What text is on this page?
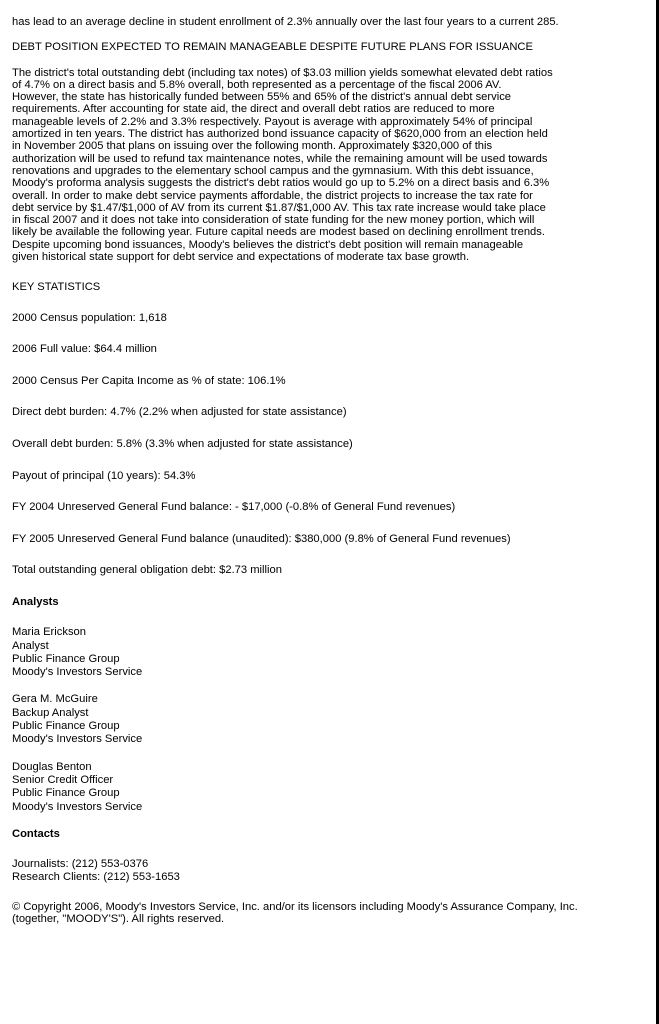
has lead to an average decline in student enrollment of 2.3% annually over the last four years to a current 285.

DEBT POSITION EXPECTED TO REMAIN MANAGEABLE DESPITE FUTURE PLANS FOR ISSUANCE

The district's total outstanding debt (including tax notes) of $3.03 million yields somewhat elevated debt ratios
of 4.7% on a direct basis and 5.8% overall, both represented as a percentage of the fiscal 2006 AV.
However, the state has historically funded between 55% and 65% of the district's annual debt service
requirements. After accounting for state aid, the direct and overall debt ratios are reduced to more
manageable levels of 2.2% and 3.3% respectively. Payout is average with approximately 54% of principal
amortized in ten years. The district has authorized bond issuance capacity of $620,000 from an election held
in November 2005 that plans on issuing over the following month. Approximately $320,000 of this
authorization will be used to refund tax maintenance notes, while the remaining amount will be used towards
renovations and upgrades to the elementary school campus and the gymnasium. With this debt issuance,
Moody's proforma analysis suggests the district's debt ratios would go up to 5.2% on a direct basis and 6.3%
overall. In order to make debt service payments affordable, the district projects to increase the tax rate for
debt service by $1.47/$1,000 of AV from its current $1.87/$1,000 AV. This tax rate increase would take place
in fiscal 2007 and it does not take into consideration of state funding for the new money portion, which will
likely be available the following year. Future capital needs are modest based on declining enrollment trends.
Despite upcoming bond issuances, Moody's believes the district's debt position will remain manageable
given historical state support for debt service and expectations of moderate tax base growth.

KEY STATISTICS

2000 Census population: 1,618

2006 Full value: $64.4 million

2000 Census Per Capita Income as % of state: 106.1%

Direct debt burden: 4.7% (2.2% when adjusted for state assistance)

Overall debt burden: 5.8% (3.3% when adjusted for state assistance)

Payout of principal (10 years): 54.3%

FY 2004 Unreserved General Fund balance: - $17,000 (-0.8% of General Fund revenues)

FY 2005 Unreserved General Fund balance (unaudited): $380,000 (9.8% of General Fund revenues)

Total outstanding general obligation debt: $2.73 million

Analysts

Maria Erickson

Analyst

Public Finance Group

Moody's Investors Service

Gera M. McGuire

Backup Analyst

Public Finance Group

Moody's Investors Service

Douglas Benton

Senior Credit Officer

Public Finance Group

Moody's Investors Service

Contacts

Journalists: (212) 553-0376

Research Clients: (212) 553-1653

© Copyright 2006, Moody's Investors Service, Inc. and/or its licensors including Moody's Assurance Company, Inc.

(together, "MOODY'S"). All rights reserved.
